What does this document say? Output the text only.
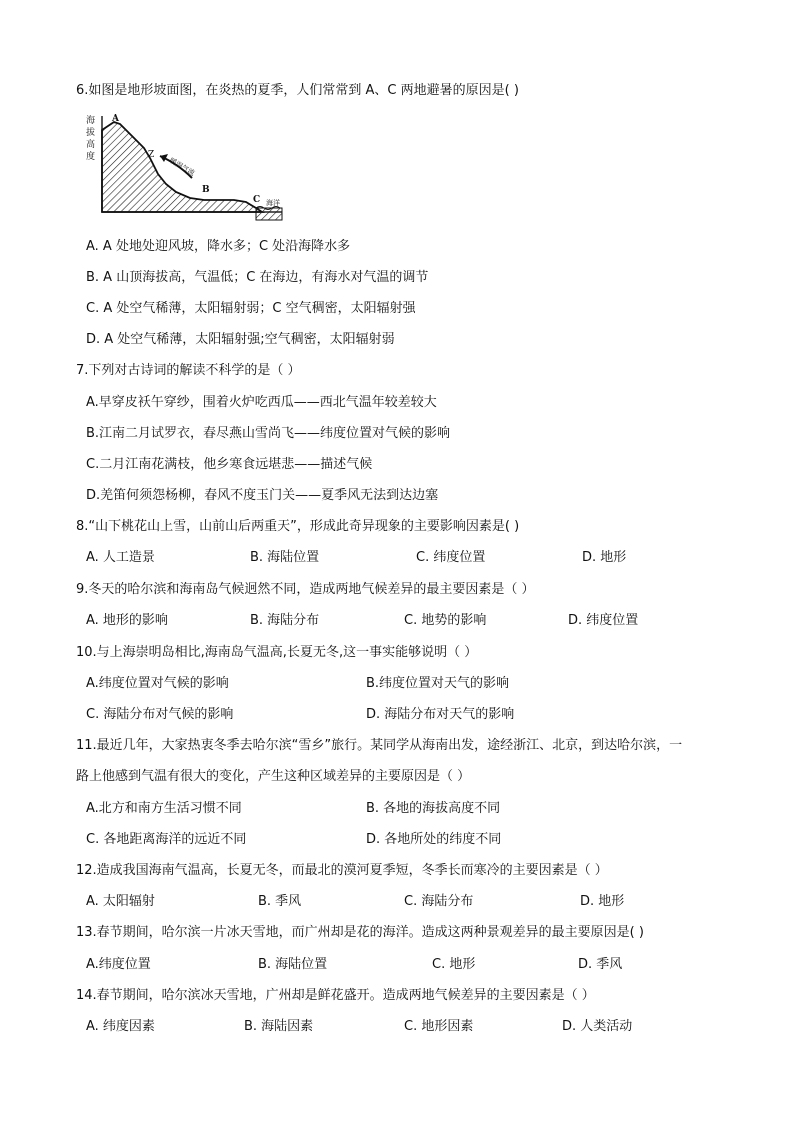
6.如图是地形坡面图，在炎热的夏季，人们常常到 A、C 两地避暑的原因是( )
A
B
C
Z
海洋
暖湿气流
海
拔
高
度
A. A 处地处迎风坡，降水多；C 处沿海降水多
B. A 山顶海拔高，气温低；C 在海边，有海水对气温的调节
C. A 处空气稀薄，太阳辐射弱；C 空气稠密，太阳辐射强
D. A 处空气稀薄，太阳辐射强;空气稠密，太阳辐射弱
7.下列对古诗词的解读不科学的是（ ）
A.早穿皮袄午穿纱，围着火炉吃西瓜——西北气温年较差较大
B.江南二月试罗衣，春尽燕山雪尚飞——纬度位置对气候的影响
C.二月江南花满枝，他乡寒食远堪悲——描述气候
D.羌笛何须怨杨柳，春风不度玉门关——夏季风无法到达边塞
8.“山下桃花山上雪，山前山后两重天”，形成此奇异现象的主要影响因素是( )
A. 人工造景	B. 海陆位置	C. 纬度位置	D. 地形
9.冬天的哈尔滨和海南岛气候迥然不同，造成两地气候差异的最主要因素是（ ）
A. 地形的影响	B. 海陆分布	C. 地势的影响	D. 纬度位置
10.与上海崇明岛相比,海南岛气温高,长夏无冬,这一事实能够说明（ ）
A.纬度位置对气候的影响	B.纬度位置对天气的影响
C. 海陆分布对气候的影响	D. 海陆分布对天气的影响
11.最近几年，大家热衷冬季去哈尔滨“雪乡”旅行。某同学从海南出发，途经浙江、北京，到达哈尔滨，一
路上他感到气温有很大的变化，产生这种区域差异的主要原因是（ ）
A.北方和南方生活习惯不同	B. 各地的海拔高度不同
C. 各地距离海洋的远近不同	D. 各地所处的纬度不同
12.造成我国海南气温高，长夏无冬，而最北的漠河夏季短，冬季长而寒冷的主要因素是（ ）
A. 太阳辐射	B. 季风	C. 海陆分布	D. 地形
13.春节期间，哈尔滨一片冰天雪地，而广州却是花的海洋。造成这两种景观差异的最主要原因是( )
A.纬度位置	B. 海陆位置	C. 地形	D. 季风
14.春节期间，哈尔滨冰天雪地，广州却是鲜花盛开。造成两地气候差异的主要因素是（ ）
A. 纬度因素	B. 海陆因素	C. 地形因素	D. 人类活动
